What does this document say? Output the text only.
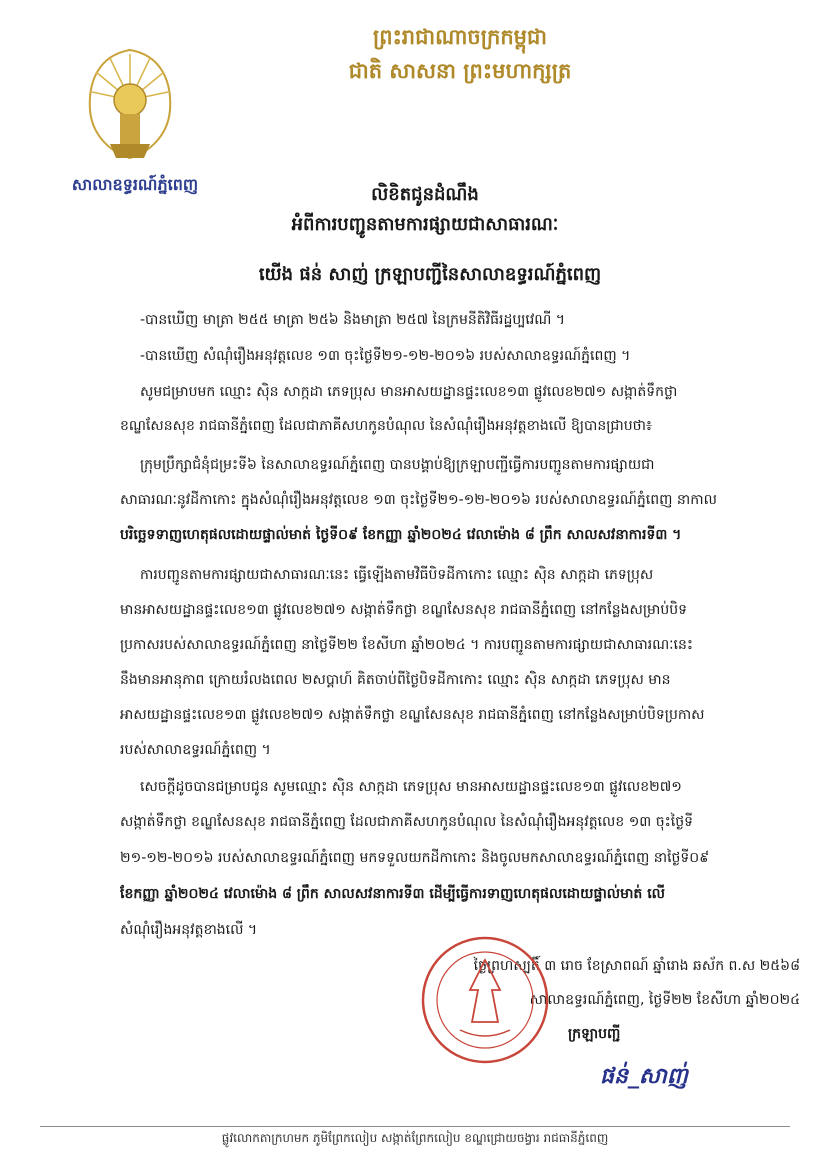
ព្រះរាជាណាចក្រកម្ពុជា
ជាតិ សាសនា ព្រះមហាក្សត្រ
សាលាឧទ្ធរណ៍ភ្នំពេញ	លិខិតជូនដំណឹង
អំពីការបញ្ជូនតាមការផ្សាយជាសាធារណៈ
យើង ផន់ សាញ់ ក្រឡាបញ្ជីនៃសាលាឧទ្ធរណ៍ភ្នំពេញ
-បានឃើញ មាត្រា ២៥៥ មាត្រា ២៥៦ និងមាត្រា ២៥៧ នៃក្រមនីតិវិធីរដ្ឋប្បវេណី ។
-បានឃើញ សំណុំរឿងអនុវត្តលេខ ១៣ ចុះថ្ងៃទី២១-១២-២០១៦ របស់សាលាឧទ្ធរណ៍ភ្នំពេញ ។
សូមជម្រាបមក ឈ្មោះ ស៊ិន សាក្កដា ភេទប្រុស មានអាសយដ្ឋានផ្ទះលេខ១៣ ផ្លូវលេខ២៧១ សង្កាត់ទឹកថ្លា
ខណ្ឌសែនសុខ រាជធានីភ្នំពេញ ដែលជាភាគីសហកូនបំណុល នៃសំណុំរឿងអនុវត្តខាងលើ ឱ្យបានជ្រាបថា៖
ក្រុមប្រឹក្សាជំនុំជម្រះទី៦ នៃសាលាឧទ្ធរណ៍ភ្នំពេញ បានបង្គាប់ឱ្យក្រឡាបញ្ជីធ្វើការបញ្ជូនតាមការផ្សាយជា
សាធារណៈនូវដីកាកោះ ក្នុងសំណុំរឿងអនុវត្តលេខ ១៣ ចុះថ្ងៃទី២១-១២-២០១៦ របស់សាលាឧទ្ធរណ៍ភ្នំពេញ នាកាល
បរិច្ឆេទទាញហេតុផលដោយផ្ទាល់មាត់ ថ្ងៃទី០៩ ខែកញ្ញា ឆ្នាំ២០២៤ វេលាម៉ោង ៨ ព្រឹក សាលសវនាការទី៣ ។
ការបញ្ជូនតាមការផ្សាយជាសាធារណៈនេះ ធ្វើឡើងតាមវិធីបិទដីកាកោះ ឈ្មោះ ស៊ិន សាក្កដា ភេទប្រុស
មានអាសយដ្ឋានផ្ទះលេខ១៣ ផ្លូវលេខ២៧១ សង្កាត់ទឹកថ្លា ខណ្ឌសែនសុខ រាជធានីភ្នំពេញ នៅកន្លែងសម្រាប់បិទ
ប្រកាសរបស់សាលាឧទ្ធរណ៍ភ្នំពេញ នាថ្ងៃទី២២ ខែសីហា ឆ្នាំ២០២៤ ។ ការបញ្ជូនតាមការផ្សាយជាសាធារណៈនេះ
នឹងមានអានុភាព ក្រោយរំលងពេល ២សប្តាហ៍ គិតចាប់ពីថ្ងៃបិទដីកាកោះ ឈ្មោះ ស៊ិន សាក្កដា ភេទប្រុស មាន
អាសយដ្ឋានផ្ទះលេខ១៣ ផ្លូវលេខ២៧១ សង្កាត់ទឹកថ្លា ខណ្ឌសែនសុខ រាជធានីភ្នំពេញ នៅកន្លែងសម្រាប់បិទប្រកាស
របស់សាលាឧទ្ធរណ៍ភ្នំពេញ ។
សេចក្តីដូចបានជម្រាបជូន សូមឈ្មោះ ស៊ិន សាក្កដា ភេទប្រុស មានអាសយដ្ឋានផ្ទះលេខ១៣ ផ្លូវលេខ២៧១
សង្កាត់ទឹកថ្លា ខណ្ឌសែនសុខ រាជធានីភ្នំពេញ ដែលជាភាគីសហកូនបំណុល នៃសំណុំរឿងអនុវត្តលេខ ១៣ ចុះថ្ងៃទី
២១-១២-២០១៦ របស់សាលាឧទ្ធរណ៍ភ្នំពេញ មកទទួលយកដីកាកោះ និងចូលមកសាលាឧទ្ធរណ៍ភ្នំពេញ នាថ្ងៃទី០៩
ខែកញ្ញា ឆ្នាំ២០២៤ វេលាម៉ោង ៨ ព្រឹក សាលសវនាការទី៣ ដើម្បីធ្វើការទាញហេតុផលដោយផ្ទាល់មាត់ លើ
សំណុំរឿងអនុវត្តខាងលើ ។
ថ្ងៃព្រហស្បតិ៍ ៣ រោច ខែស្រាពណ៍ ឆ្នាំរោង ឆស័ក ព.ស ២៥៦៨
សាលាឧទ្ធរណ៍ភ្នំពេញ, ថ្ងៃទី២២ ខែសីហា ឆ្នាំ២០២៤
ក្រឡាបញ្ជី
ផន់_សាញ់
ផ្លូវលោកតាក្រហមក ភូមិព្រែកលៀប សង្កាត់ព្រែកលៀប ខណ្ឌជ្រោយចង្វារ រាជធានីភ្នំពេញ
